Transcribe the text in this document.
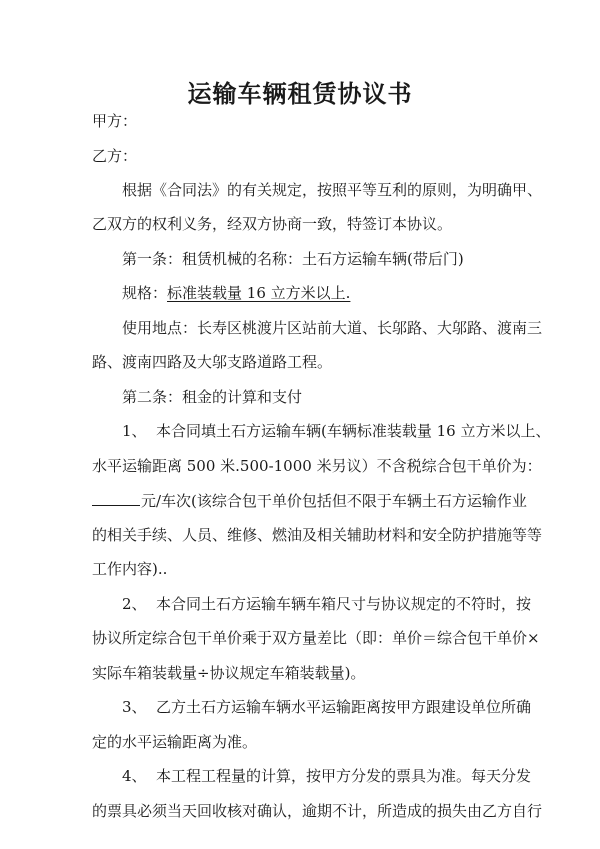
运输车辆租赁协议书
甲方：
乙方：
根据《合同法》的有关规定，按照平等互利的原则，为明确甲、
乙双方的权利义务，经双方协商一致，特签订本协议。
第一条：租赁机械的名称：土石方运输车辆(带后门)
规格：标准装载量 16 立方米以上.
使用地点：长寿区桃渡片区站前大道、长邬路、大邬路、渡南三
路、渡南四路及大邬支路道路工程。
第二条：租金的计算和支付
1、 本合同填土石方运输车辆(车辆标准装载量 16 立方米以上、
水平运输距离 500 米.500-1000 米另议）不含税综合包干单价为：
元/车次(该综合包干单价包括但不限于车辆土石方运输作业
的相关手续、人员、维修、燃油及相关辅助材料和安全防护措施等等
工作内容)..
2、 本合同土石方运输车辆车箱尺寸与协议规定的不符时，按
协议所定综合包干单价乘于双方量差比（即：单价＝综合包干单价×
实际车箱装载量÷协议规定车箱装载量)。
3、 乙方土石方运输车辆水平运输距离按甲方跟建设单位所确
定的水平运输距离为准。
4、 本工程工程量的计算，按甲方分发的票具为准。每天分发
的票具必须当天回收核对确认，逾期不计，所造成的损失由乙方自行
